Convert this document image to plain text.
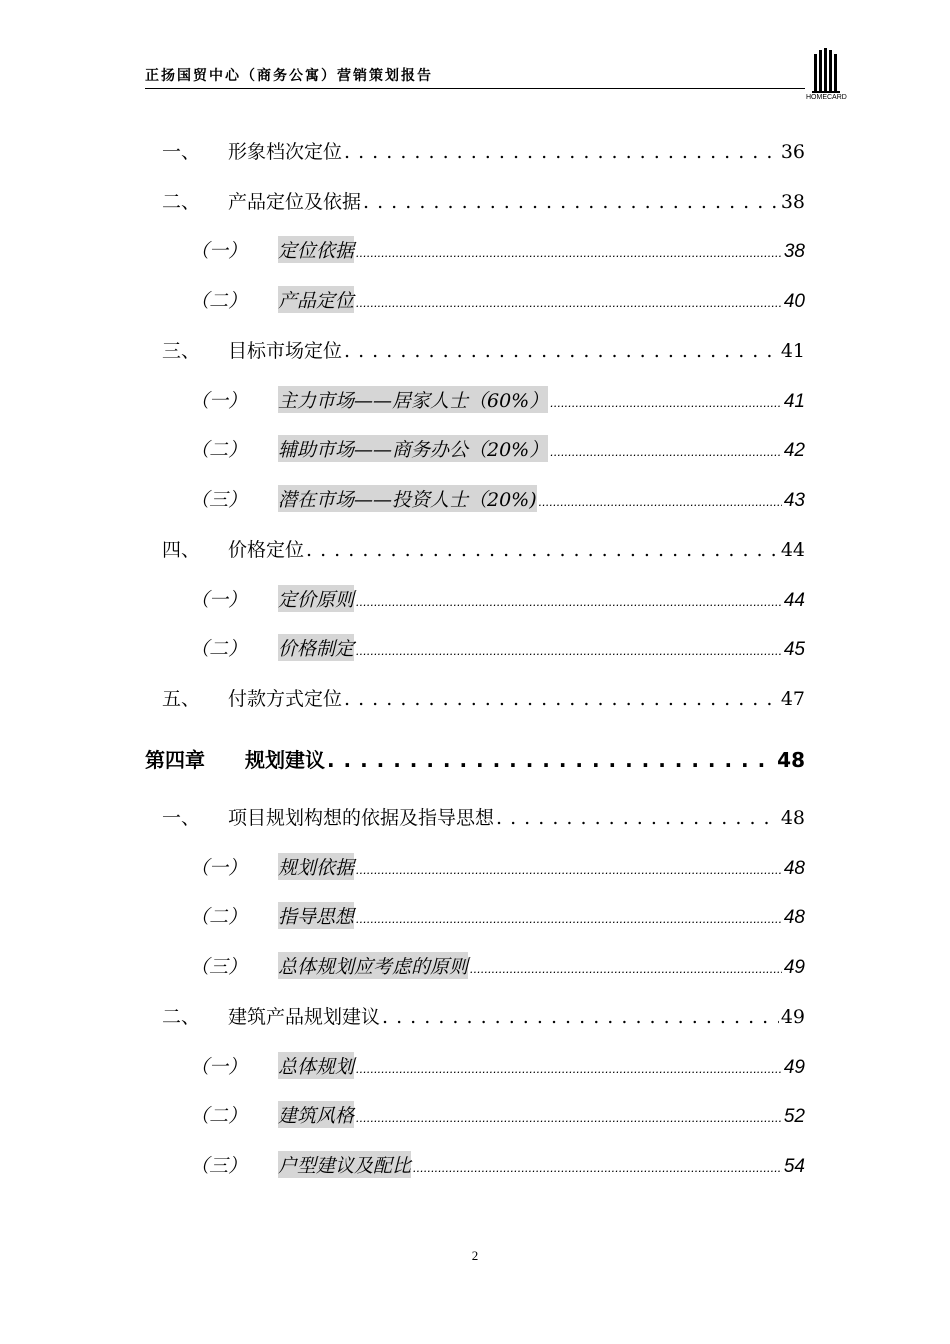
正扬国贸中心（商务公寓）营销策划报告
HOMECARD
一、	形象档次定位 . . .	36
二、	产品定位及依据 . . .	38
（一）	定位依据 .....	38
（二）	产品定位 .....	40
三、	目标市场定位 . . .	41
（一）	主力市场——居家人士（60%） .....	41
（二）	辅助市场——商务办公（20%） .....	42
（三）	潜在市场——投资人士（20%) .....	43
四、	价格定位 . . .	44
（一）	定价原则 .....	44
（二）	价格制定 .....	45
五、	付款方式定位 . . .	47
第四章	规划建议 . . .	48
一、	项目规划构想的依据及指导思想 . . .	48
（一）	规划依据 .....	48
（二）	指导思想 .....	48
（三）	总体规划应考虑的原则 .....	49
二、	建筑产品规划建议 . . .	49
（一）	总体规划 .....	49
（二）	建筑风格 .....	52
（三）	户型建议及配比 .....	54
2
